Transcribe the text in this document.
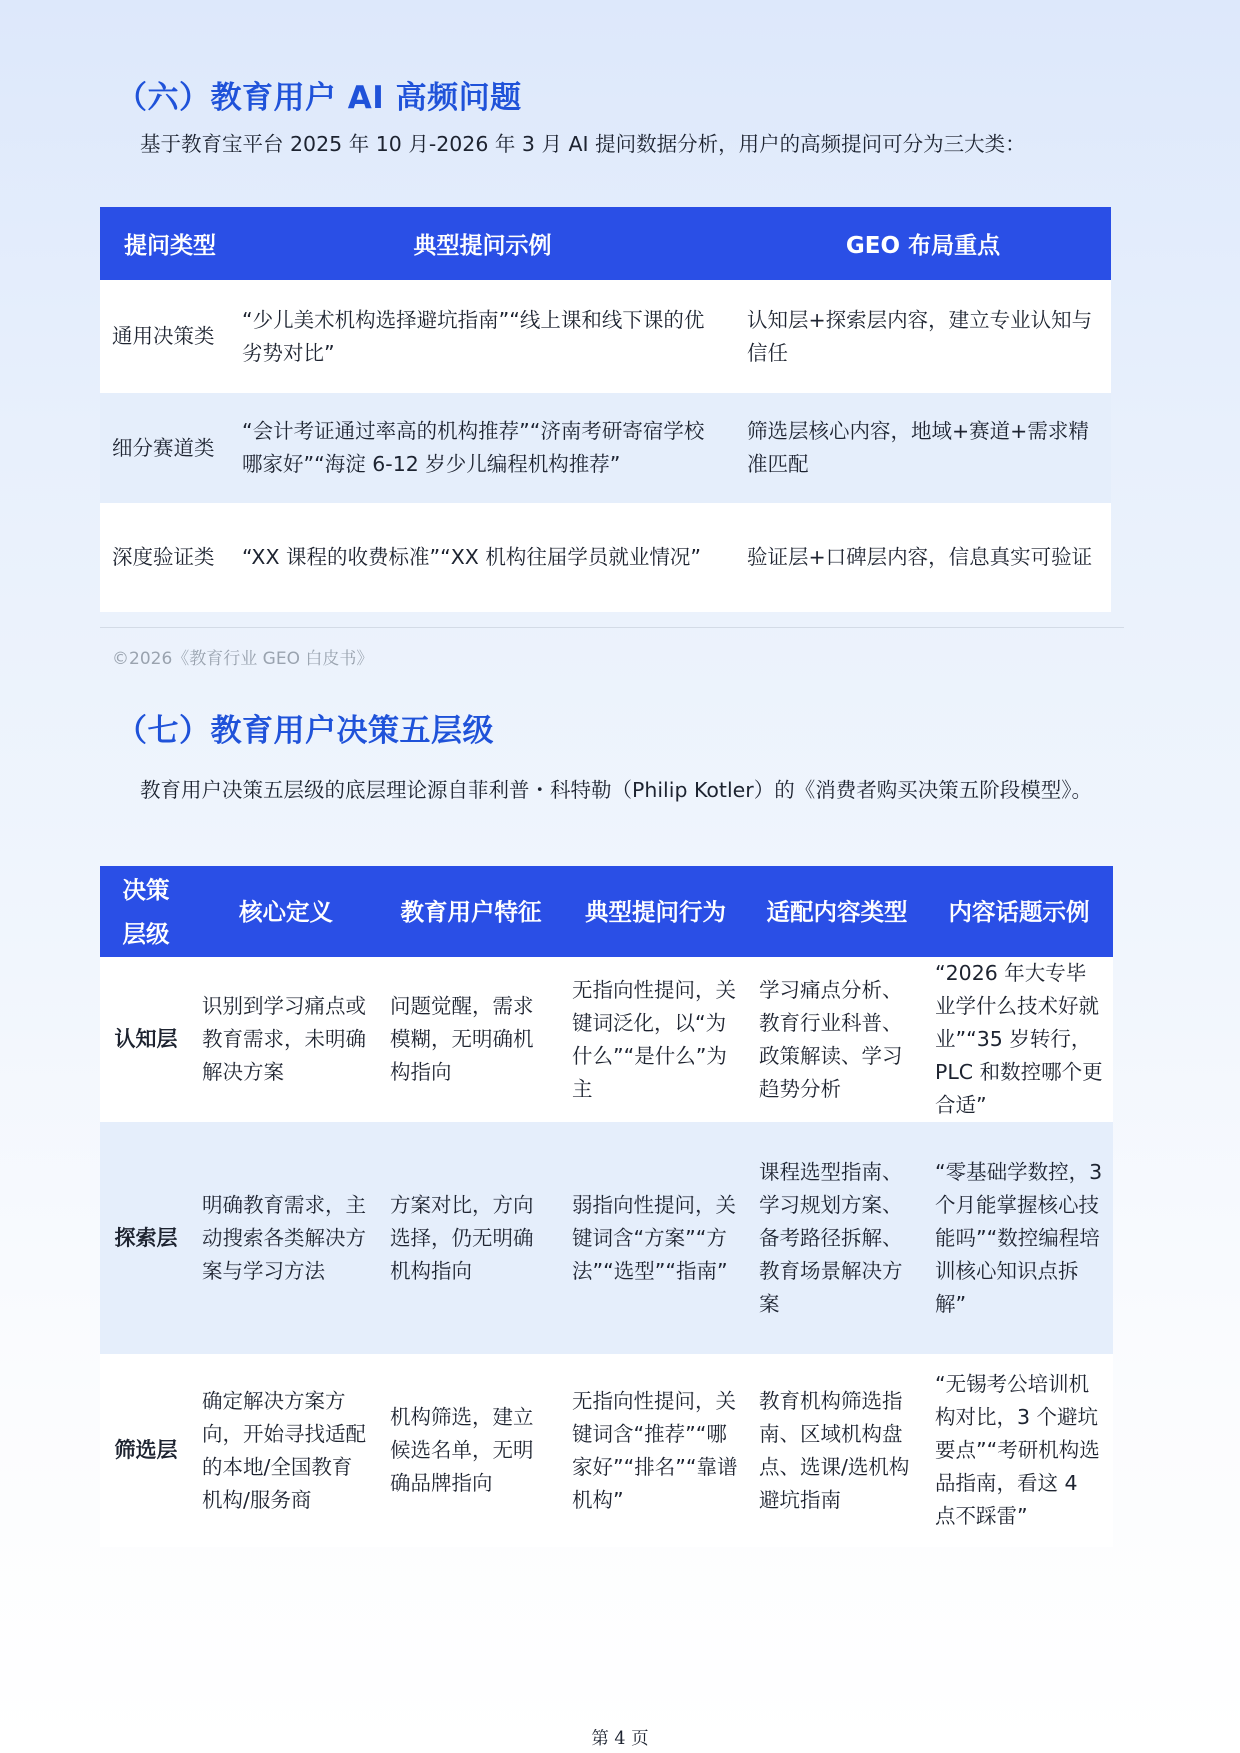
（六）教育用户 AI 高频问题

基于教育宝平台 2025 年 10 月-2026 年 3 月 AI 提问数据分析，用户的高频提问可分为三大类：

提问类型	典型提问示例	GEO 布局重点
通用决策类	“少儿美术机构选择避坑指南”“线上课和线下课的优劣势对比”	认知层+探索层内容，建立专业认知与信任
细分赛道类	“会计考证通过率高的机构推荐”“济南考研寄宿学校哪家好”“海淀 6-12 岁少儿编程机构推荐”	筛选层核心内容，地域+赛道+需求精准匹配
深度验证类	“XX 课程的收费标准”“XX 机构往届学员就业情况”	验证层+口碑层内容，信息真实可验证
©2026《教育行业 GEO 白皮书》
（七）教育用户决策五层级

教育用户决策五层级的底层理论源自菲利普・科特勒（Philip Kotler）的《消费者购买决策五阶段模型》。

决策层级	核心定义	教育用户特征	典型提问行为	适配内容类型	内容话题示例
认知层	识别到学习痛点或教育需求，未明确解决方案	问题觉醒，需求模糊，无明确机构指向	无指向性提问，关键词泛化，以“为什么”“是什么”为主	学习痛点分析、教育行业科普、政策解读、学习趋势分析	“2026 年大专毕业学什么技术好就业”“35 岁转行，PLC 和数控哪个更合适”
探索层	明确教育需求，主动搜索各类解决方案与学习方法	方案对比，方向选择，仍无明确机构指向	弱指向性提问，关键词含“方案”“方法”“选型”“指南”	课程选型指南、学习规划方案、备考路径拆解、教育场景解决方案	“零基础学数控，3 个月能掌握核心技能吗”“数控编程培训核心知识点拆解”
筛选层	确定解决方案方向，开始寻找适配的本地/全国教育机构/服务商	机构筛选，建立候选名单，无明确品牌指向	无指向性提问，关键词含“推荐”“哪家好”“排名”“靠谱机构”	教育机构筛选指南、区域机构盘点、选课/选机构避坑指南	“无锡考公培训机构对比，3 个避坑要点”“考研机构选品指南，看这 4 点不踩雷”
第 4 页
